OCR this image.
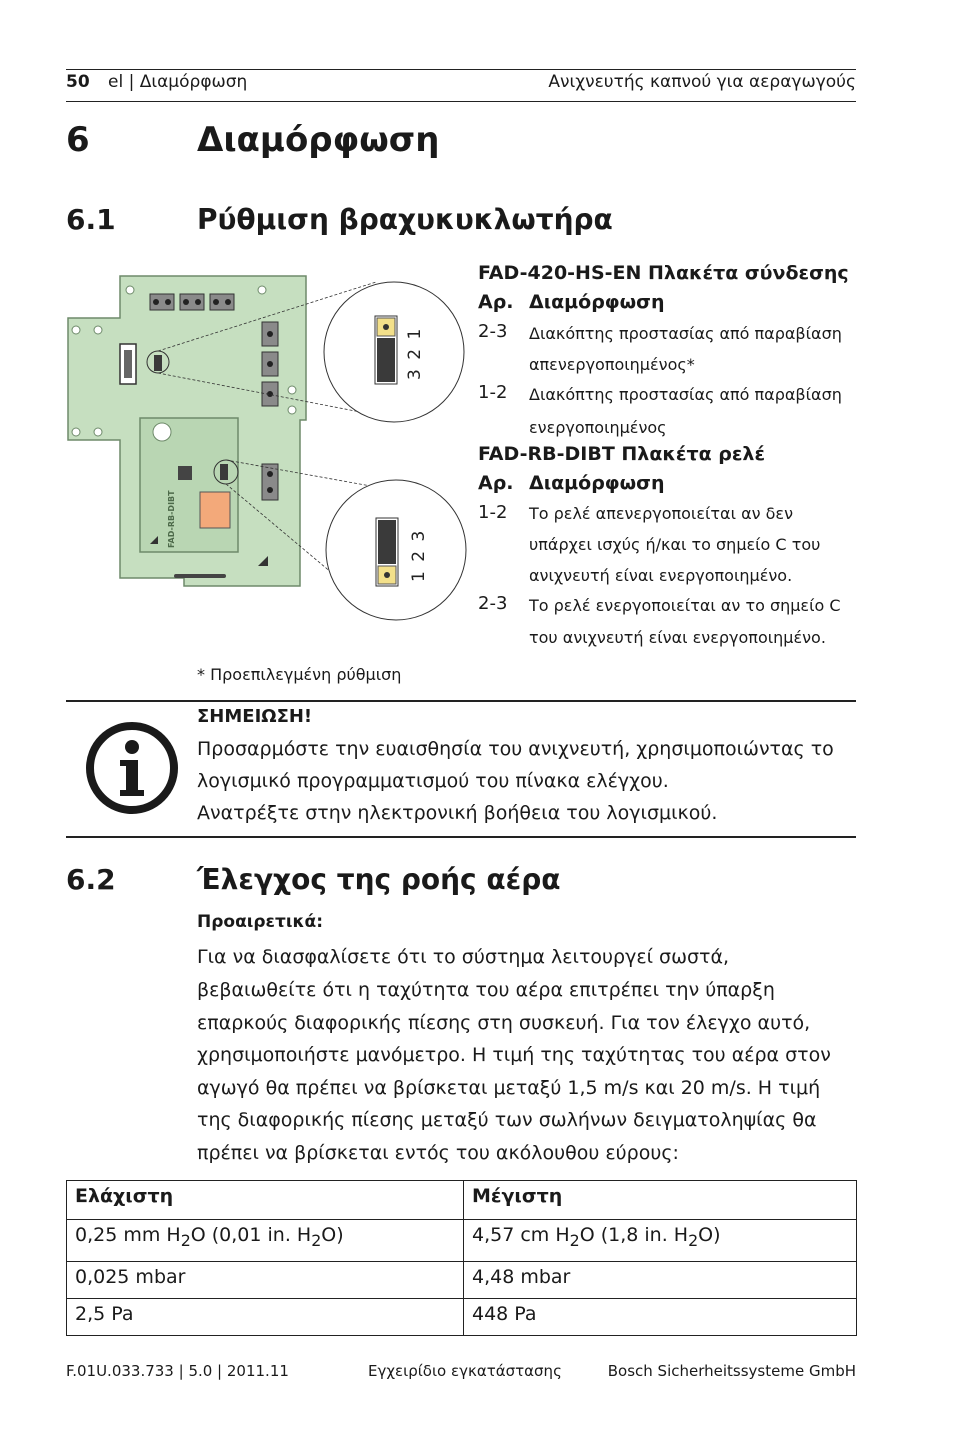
50 el | Διαμόρφωση	Ανιχνευτής καπνού για αεραγωγούς
6	Διαμόρφωση
6.1	Ρύθμιση βραχυκυκλωτήρα
FAD-RB-DIBT
3 2 1
1 2 3
FAD-420-HS-EN Πλακέτα σύνδεσης
Αρ. Διαμόρφωση
2-3 Διακόπτης προστασίας από παραβίαση
απενεργοποιημένος*
1-2 Διακόπτης προστασίας από παραβίαση
ενεργοποιημένος
FAD-RB-DIBT Πλακέτα ρελέ
Αρ. Διαμόρφωση
1-2 Το ρελέ απενεργοποιείται αν δεν
υπάρχει ισχύς ή/και το σημείο C του
ανιχνευτή είναι ενεργοποιημένο.
2-3 Το ρελέ ενεργοποιείται αν το σημείο C
του ανιχνευτή είναι ενεργοποιημένο.
* Προεπιλεγμένη ρύθμιση
ΣΗΜΕΙΩΣΗ!
Προσαρμόστε την ευαισθησία του ανιχνευτή, χρησιμοποιώντας το
λογισμικό προγραμματισμού του πίνακα ελέγχου.
Ανατρέξτε στην ηλεκτρονική βοήθεια του λογισμικού.
6.2	Έλεγχος της ροής αέρα
Προαιρετικά:
Για να διασφαλίσετε ότι το σύστημα λειτουργεί σωστά,
βεβαιωθείτε ότι η ταχύτητα του αέρα επιτρέπει την ύπαρξη
επαρκούς διαφορικής πίεσης στη συσκευή. Για τον έλεγχο αυτό,
χρησιμοποιήστε μανόμετρο. Η τιμή της ταχύτητας του αέρα στον
αγωγό θα πρέπει να βρίσκεται μεταξύ 1,5 m/s και 20 m/s. Η τιμή
της διαφορικής πίεσης μεταξύ των σωλήνων δειγματοληψίας θα
πρέπει να βρίσκεται εντός του ακόλουθου εύρους:
Ελάχιστη	Μέγιστη
0,25 mm $H_2O$ (0,01 in. $H_2O$)	4,57 cm $H_2O$ (1,8 in. $H_2O$)
0,025 mbar	4,48 mbar
2,5 Pa	448 Pa
F.01U.033.733 | 5.0 | 2011.11	Εγχειρίδιο εγκατάστασης	Bosch Sicherheitssysteme GmbH
